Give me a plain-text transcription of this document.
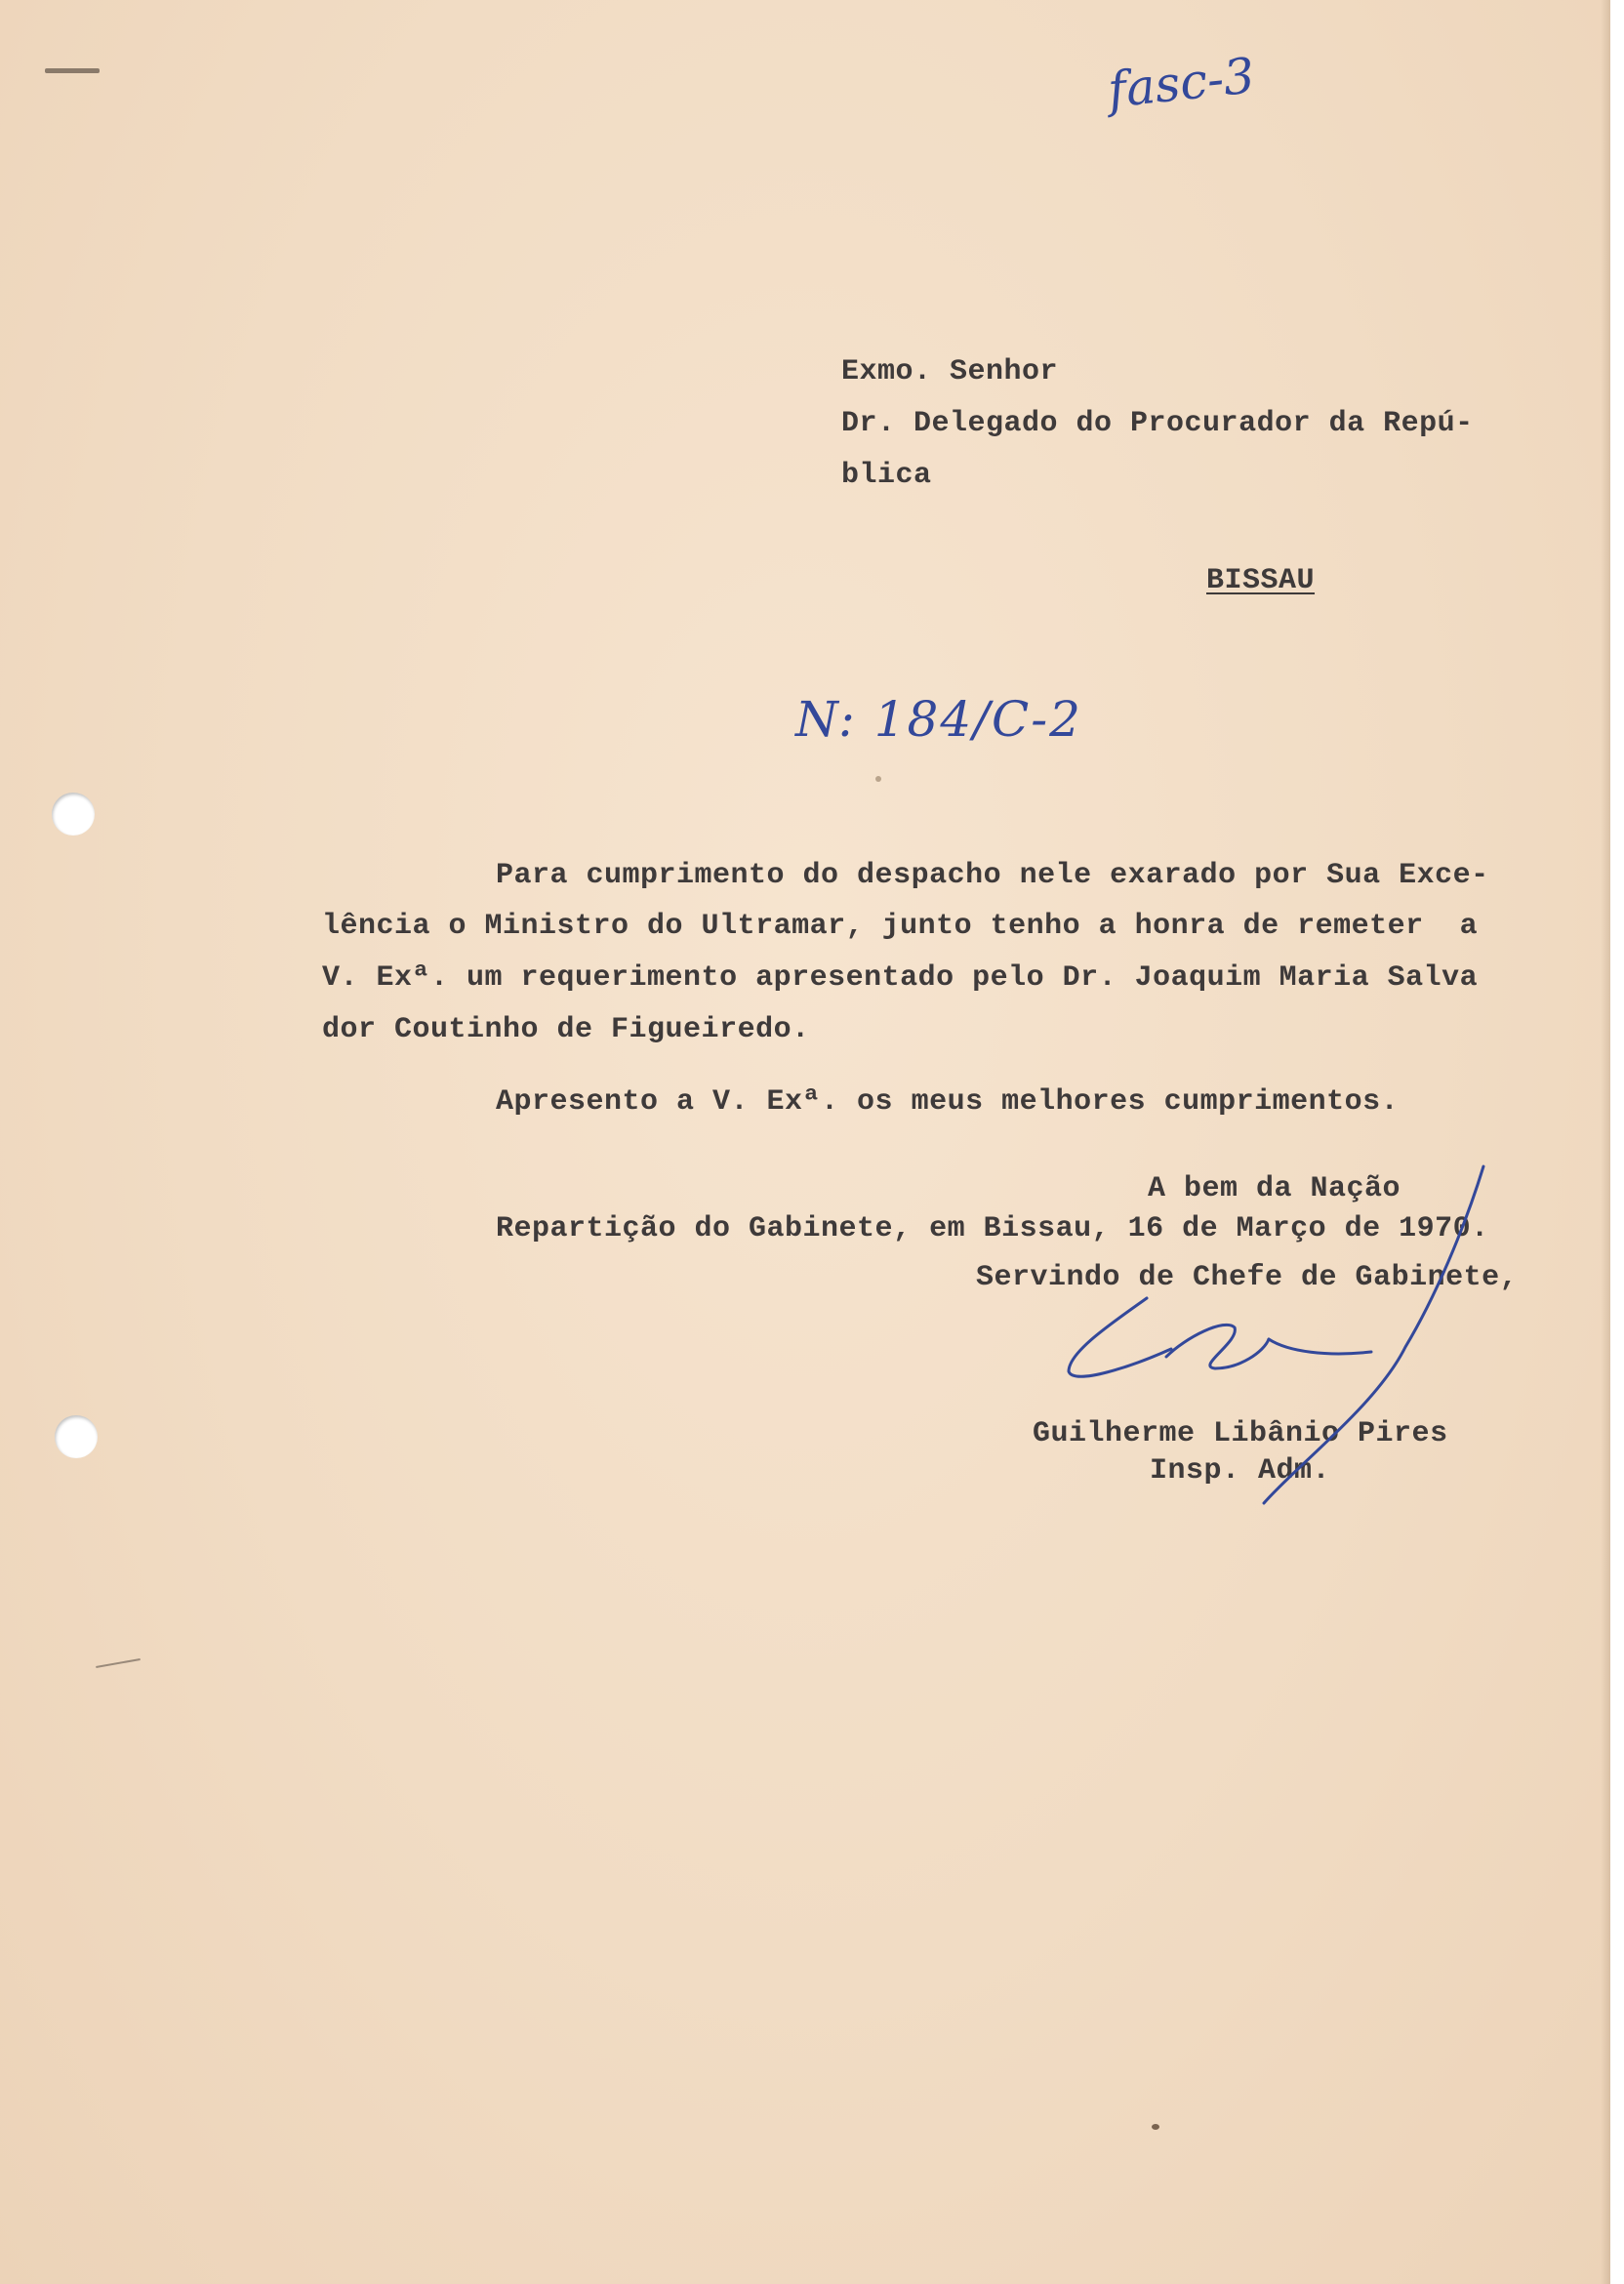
fasc-3
N: 184/C-2

Exmo. Senhor

Dr. Delegado do Procurador da Repú-

blica

BISSAU

Para cumprimento do despacho nele exarado por Sua Exce-

lência o Ministro do Ultramar, junto tenho a honra de remeter  a

V. Exª. um requerimento apresentado pelo Dr. Joaquim Maria Salva

dor Coutinho de Figueiredo.

Apresento a V. Exª. os meus melhores cumprimentos.

A bem da Nação

Repartição do Gabinete, em Bissau, 16 de Março de 1970.

Servindo de Chefe de Gabinete,

Guilherme Libânio Pires

Insp. Adm.
